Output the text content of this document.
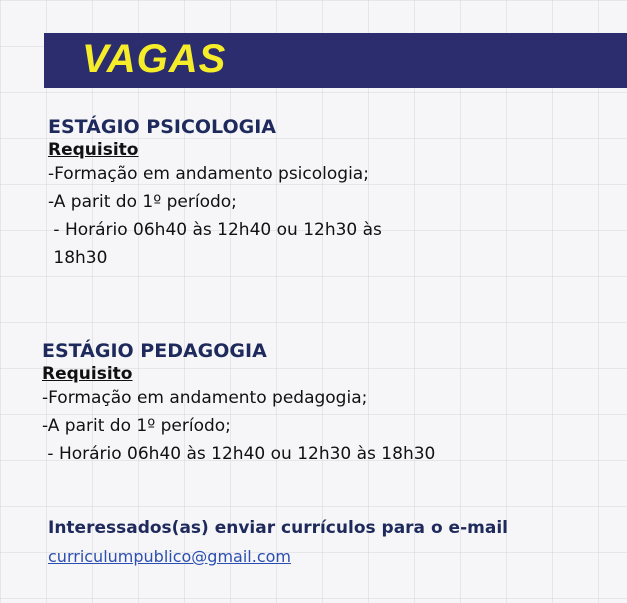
VAGAS
ESTÁGIO PSICOLOGIA
Requisito
-Formação em andamento psicologia;
-A parit do 1º período;
- Horário 06h40 às 12h40 ou 12h30 às
18h30
ESTÁGIO PEDAGOGIA
Requisito
-Formação em andamento pedagogia;
-A parit do 1º período;
- Horário 06h40 às 12h40 ou 12h30 às 18h30
Interessados(as) enviar currículos para o e-mail
curriculumpublico@gmail.com
